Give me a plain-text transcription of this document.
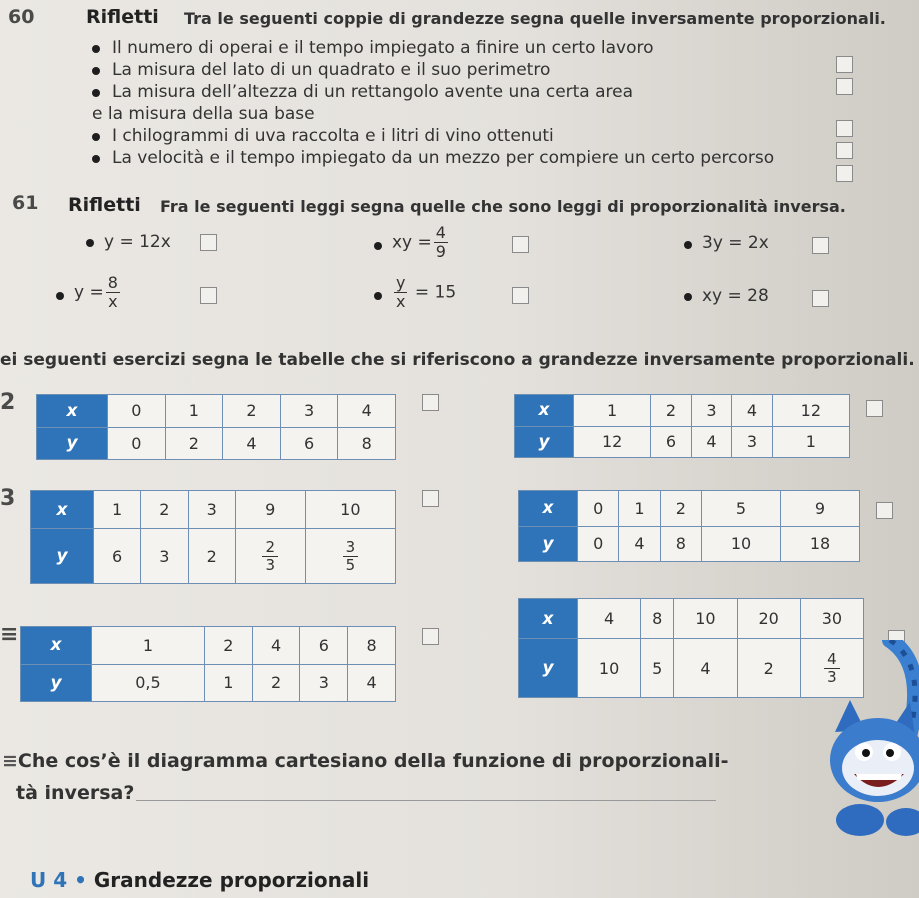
60	Rifletti Tra le seguenti coppie di grandezze segna quelle inversamente proporzionali.
Il numero di operai e il tempo impiegato a finire un certo lavoro
La misura del lato di un quadrato e il suo perimetro
La misura dell’altezza di un rettangolo avente una certa area
e la misura della sua base
I chilogrammi di uva raccolta e i litri di vino ottenuti
La velocità e il tempo impiegato da un mezzo per compiere un certo percorso
61 Rifletti Fra le seguenti leggi segna quelle che sono leggi di proporzionalità inversa.
y = 12x	xy = $\frac{4}{9}$	3y = 2x
$y = \frac{8}{x}$	$\frac{y}{x} = 15$	xy = 28
ei seguenti esercizi segna le tabelle che si riferiscono a grandezze inversamente proporzionali.
2	x	0	1	2	3	4
y	0	2	4	6	8
x	1	2	3	4	12
y	12	6	4	3	1
3 x	1	2	3	9	10
y	6	3	2	$\frac{2}{3}$	$\frac{3}{5}$
x	0	1	2	5	9
y	0	4	8	10	18
≡ x	1	2	4	6	8
y	0,5	1	2	3	4
x	4	8	10	20	30
y	10	5	4	2	$\frac{4}{3}$
≡Che cos’è il diagramma cartesiano della funzione di proporzionali-
tà inversa?
U 4 • Grandezze proporzionali
